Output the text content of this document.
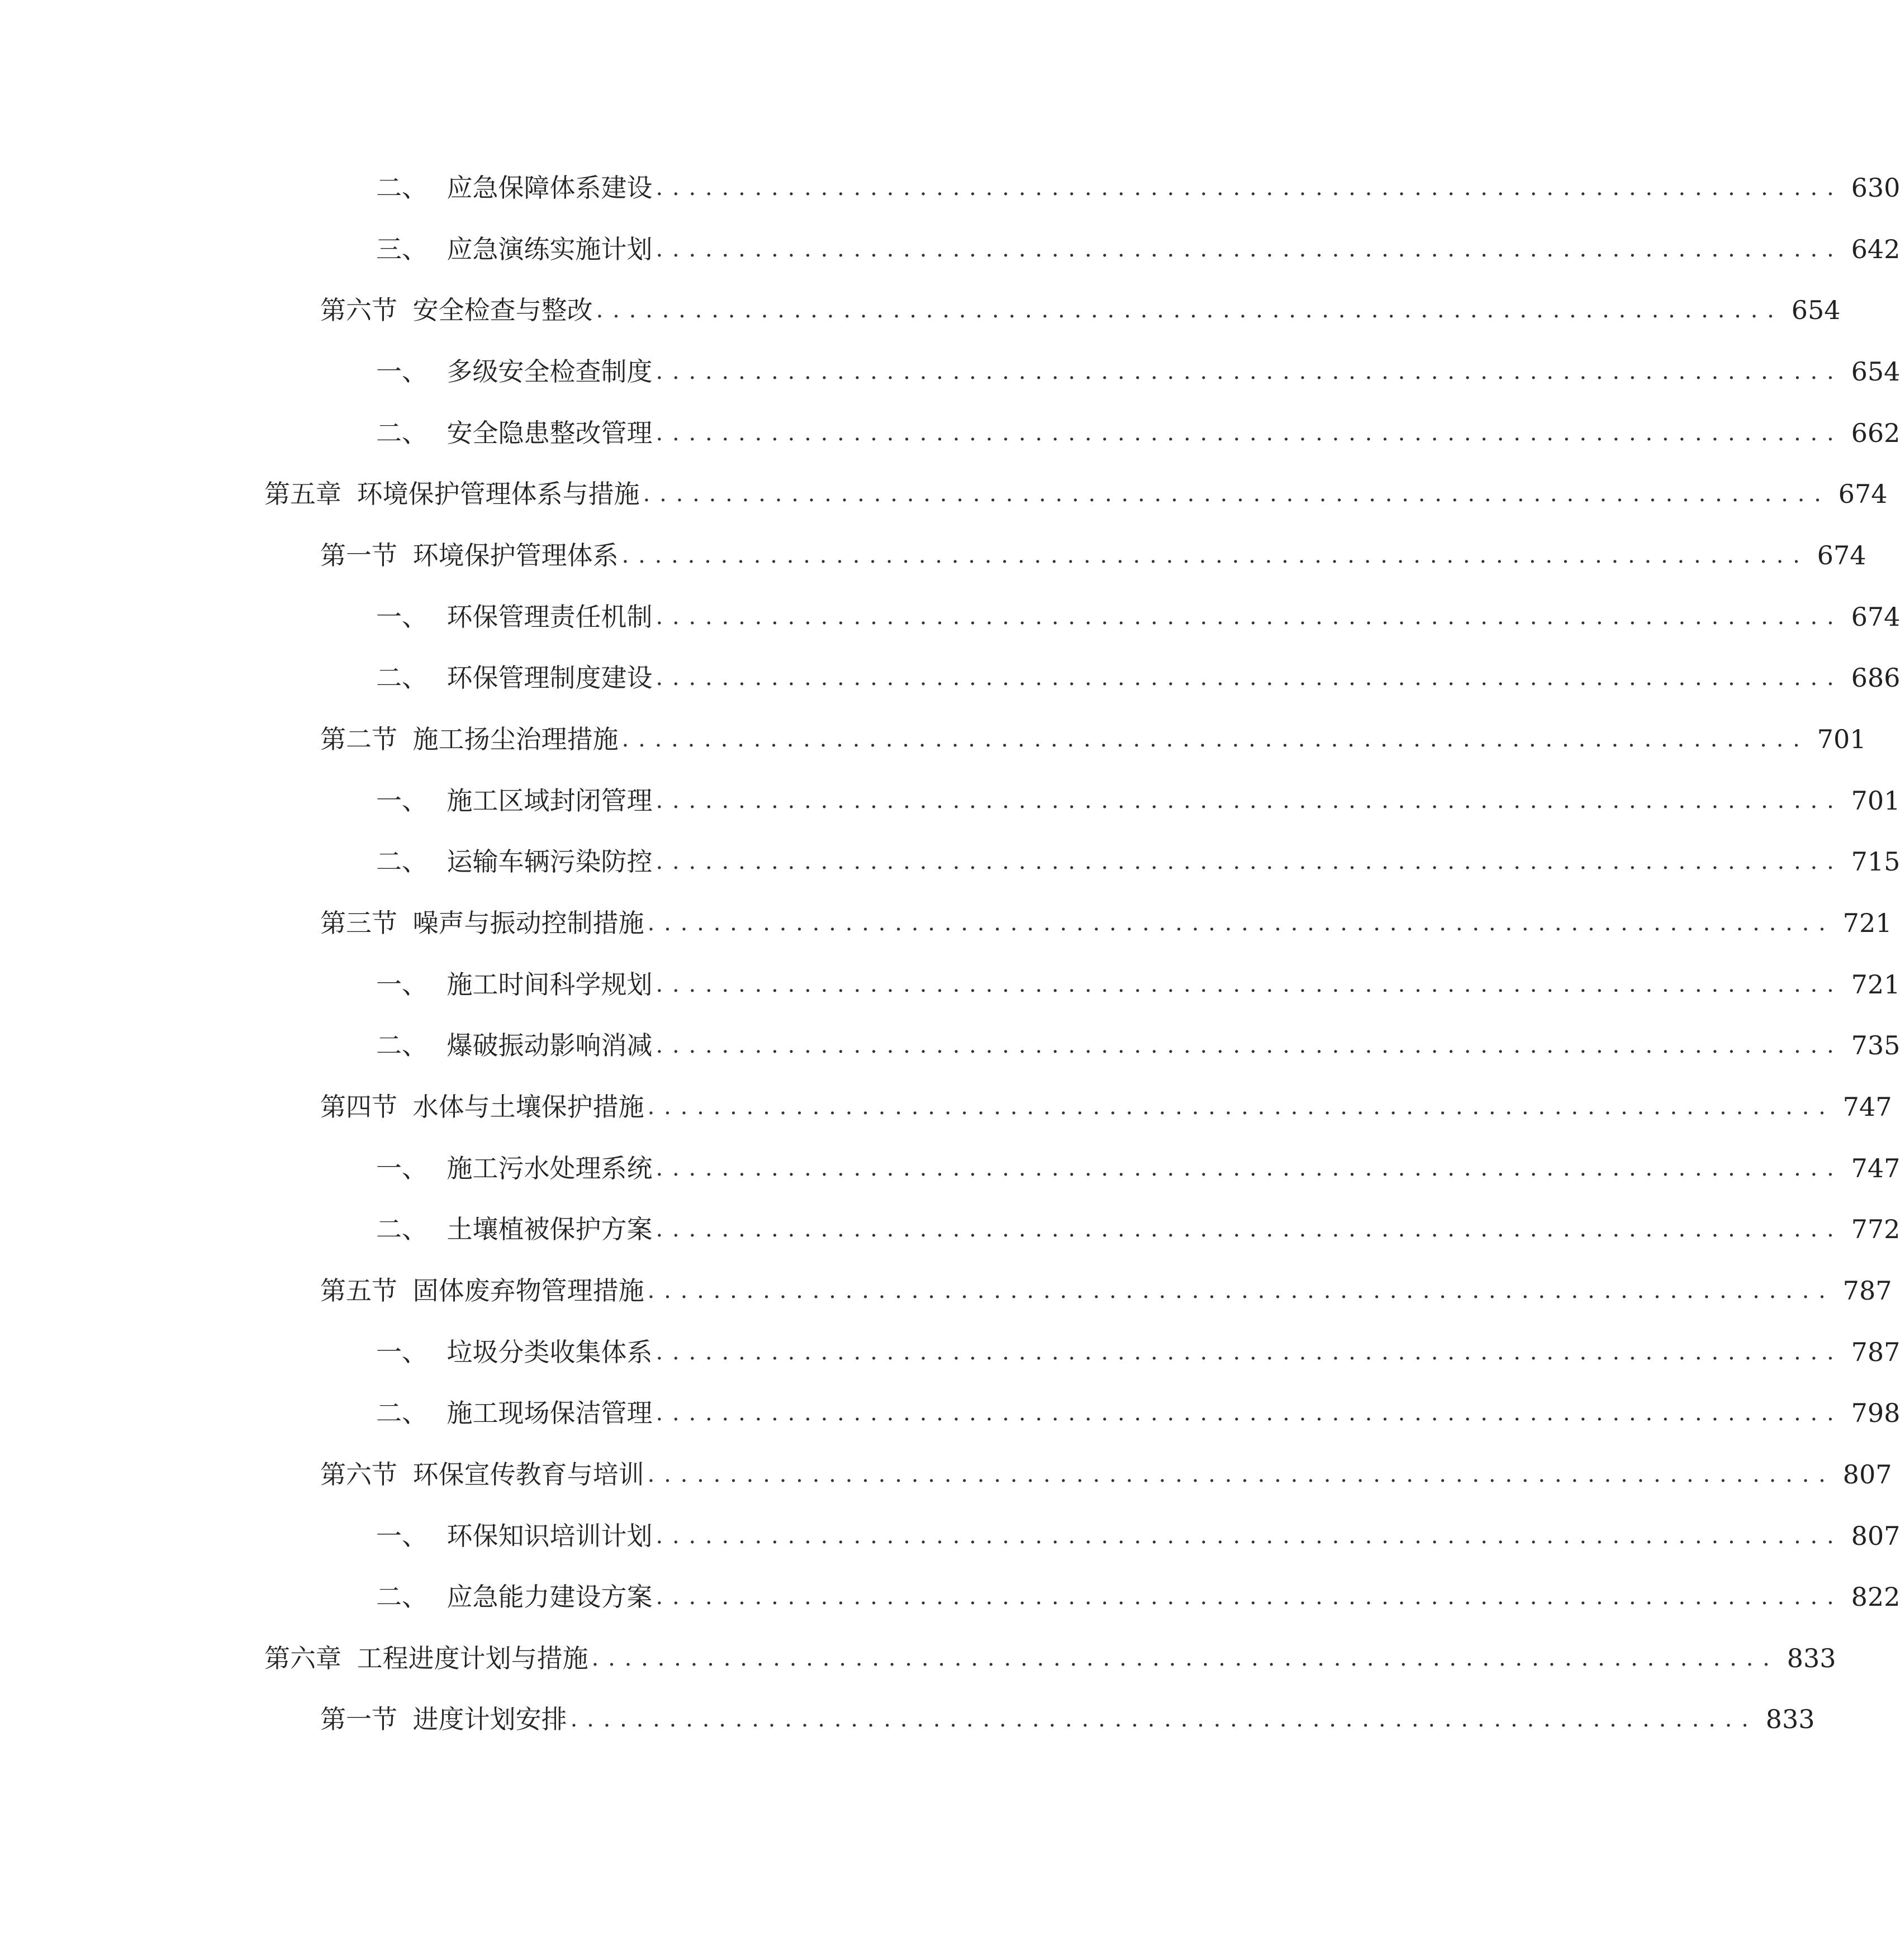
二、 应急保障体系建设 ........................................................................ 630
三、 应急演练实施计划 ........................................................................ 642
第六节 安全检查与整改 ........................................................................ 654
一、 多级安全检查制度 ........................................................................ 654
二、 安全隐患整改管理 ........................................................................ 662
第五章 环境保护管理体系与措施 ........................................................................ 674
第一节 环境保护管理体系 ........................................................................ 674
一、 环保管理责任机制 ........................................................................ 674
二、 环保管理制度建设 ........................................................................ 686
第二节 施工扬尘治理措施 ........................................................................ 701
一、 施工区域封闭管理 ........................................................................ 701
二、 运输车辆污染防控 ........................................................................ 715
第三节 噪声与振动控制措施 ........................................................................ 721
一、 施工时间科学规划 ........................................................................ 721
二、 爆破振动影响消减 ........................................................................ 735
第四节 水体与土壤保护措施 ........................................................................ 747
一、 施工污水处理系统 ........................................................................ 747
二、 土壤植被保护方案 ........................................................................ 772
第五节 固体废弃物管理措施 ........................................................................ 787
一、 垃圾分类收集体系 ........................................................................ 787
二、 施工现场保洁管理 ........................................................................ 798
第六节 环保宣传教育与培训 ........................................................................ 807
一、 环保知识培训计划 ........................................................................ 807
二、 应急能力建设方案 ........................................................................ 822
第六章 工程进度计划与措施 ........................................................................ 833
第一节 进度计划安排 ........................................................................ 833
